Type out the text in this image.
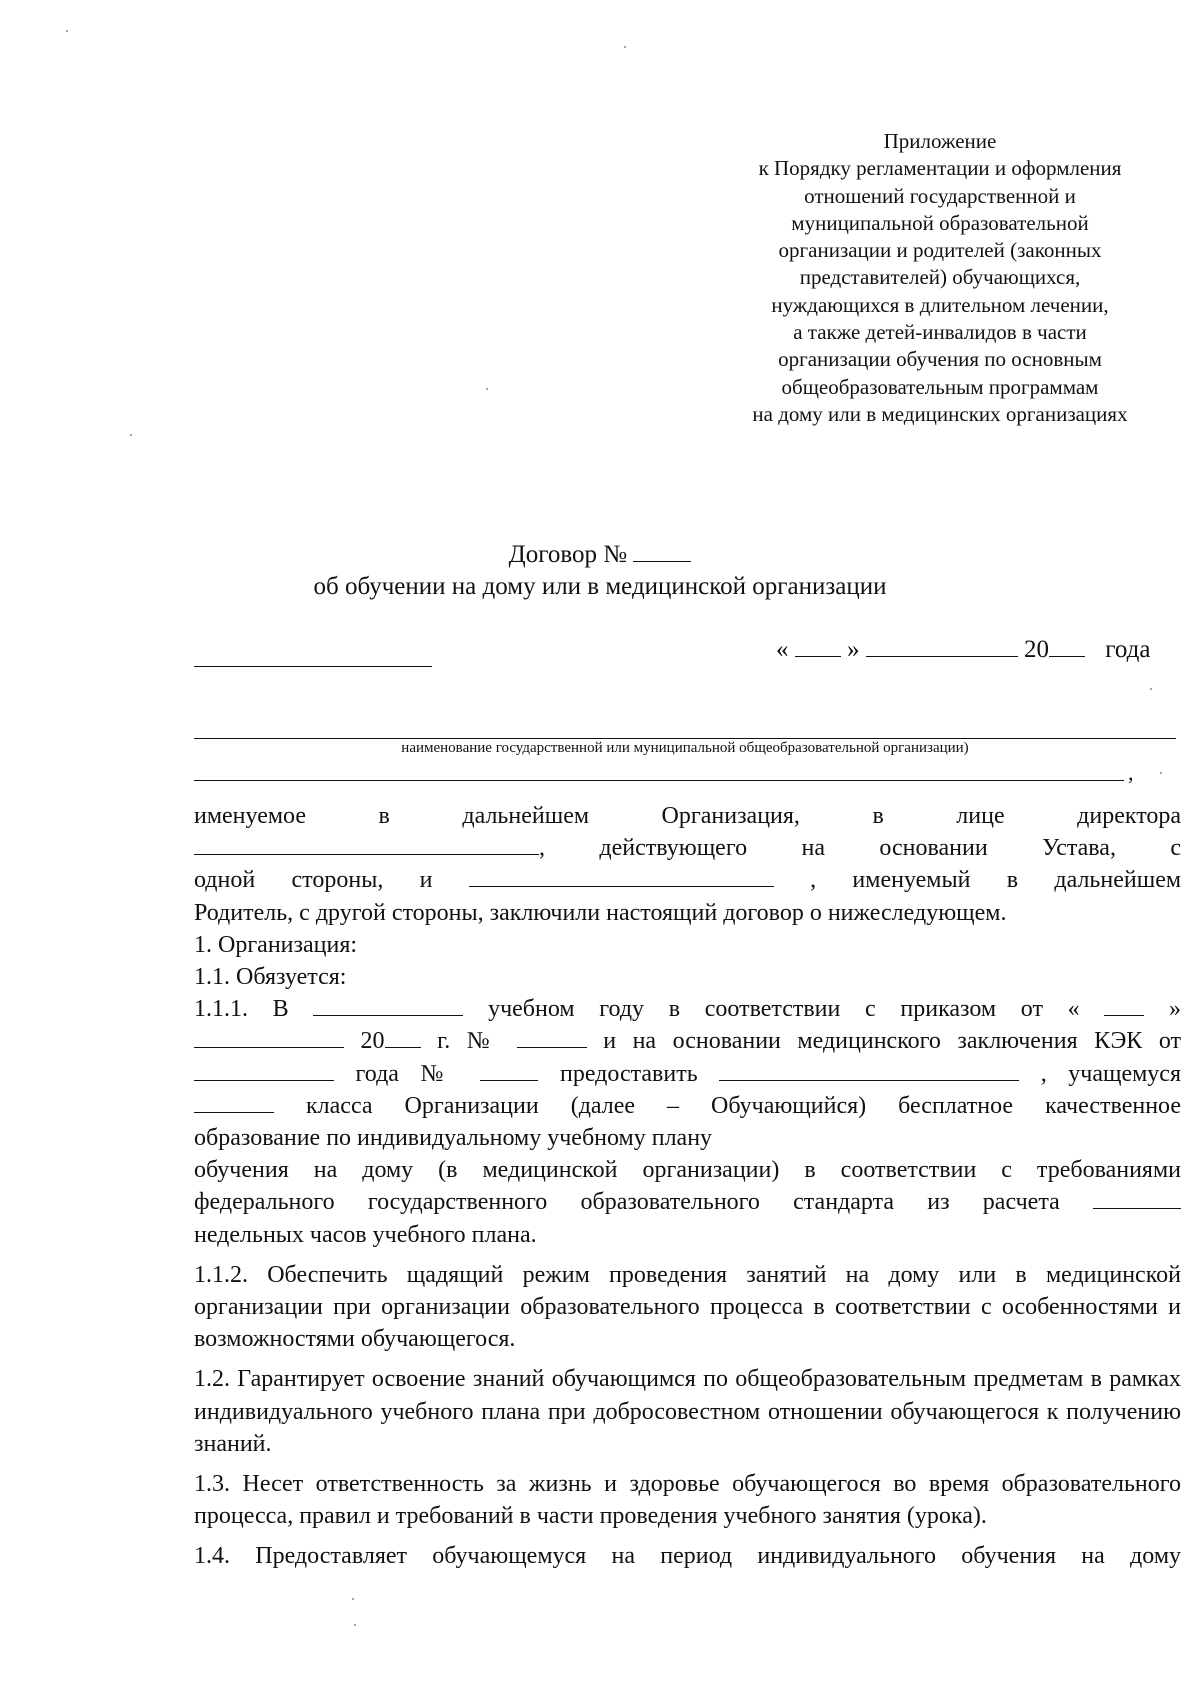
Приложение
к Порядку регламентации и оформления
отношений государственной и
муниципальной образовательной
организации и родителей (законных
представителей) обучающихся,
нуждающихся в длительном лечении,
а также детей-инвалидов в части
организации обучения по основным
общеобразовательным программам
на дому или в медицинских организациях
Договор №
об обучении на дому или в медицинской организации
« »	20 года
наименование государственной или муниципальной общеобразовательной организации)
,

именуемое	в	дальнейшем	Организация,	в	лице	директора

, действующего на основании Устава, с

одной стороны, и	, именуемый в дальнейшем

Родитель, с другой стороны, заключили настоящий договор о нижеследующем.

1. Организация:

1.1. Обязуется:

1.1.1. В	учебном году в соответствии с приказом от «	»

20 г. №	и на основании медицинского заключения КЭК от

года №	предоставить	, учащемуся

класса Организации (далее – Обучающийся) бесплатное качественное

образование по индивидуальному учебному плану

обучения на дому (в медицинской организации) в соответствии с требованиями

федерального государственного образовательного стандарта из расчета

недельных часов учебного плана.

1.1.2. Обеспечить щадящий режим проведения занятий на дому или в медицинской организации при организации образовательного процесса в соответствии с особенностями и возможностями обучающегося.

1.2. Гарантирует освоение знаний обучающимся по общеобразовательным предметам в рамках индивидуального учебного плана при добросовестном отношении обучающегося к получению знаний.

1.3. Несет ответственность за жизнь и здоровье обучающегося во время образовательного процесса, правил и требований в части проведения учебного занятия (урока).

1.4. Предоставляет обучающемуся на период индивидуального обучения на дому
